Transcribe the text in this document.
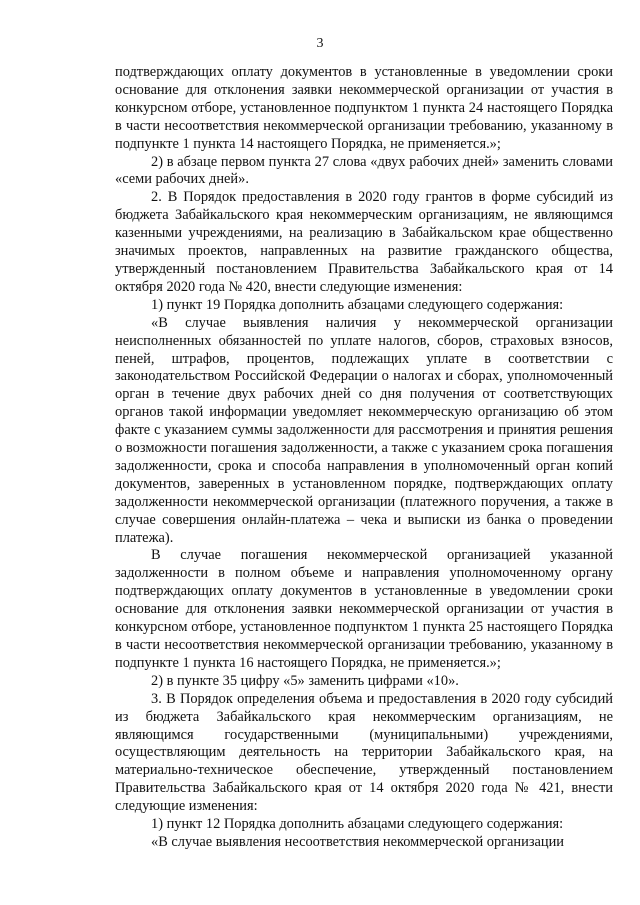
3

подтверждающих оплату документов в установленные в уведомлении сроки основание для отклонения заявки некоммерческой организации от участия в конкурсном отборе, установленное подпунктом 1 пункта 24 настоящего Порядка в части несоответствия некоммерческой организации требованию, указанному в подпункте 1 пункта 14 настоящего Порядка, не применяется.»;

2) в абзаце первом пункта 27 слова «двух рабочих дней» заменить словами «семи рабочих дней».

2. В Порядок предоставления в 2020 году грантов в форме субсидий из бюджета Забайкальского края некоммерческим организациям, не являющимся казенными учреждениями, на реализацию в Забайкальском крае общественно значимых проектов, направленных на развитие гражданского общества, утвержденный постановлением Правительства Забайкальского края от 14 октября 2020 года № 420, внести следующие изменения:

1) пункт 19 Порядка дополнить абзацами следующего содержания:

«В случае выявления наличия у некоммерческой организации неисполненных обязанностей по уплате налогов, сборов, страховых взносов, пеней, штрафов, процентов, подлежащих уплате в соответствии с законодательством Российской Федерации о налогах и сборах, уполномоченный орган в течение двух рабочих дней со дня получения от соответствующих органов такой информации уведомляет некоммерческую организацию об этом факте с указанием суммы задолженности для рассмотрения и принятия решения о возможности погашения задолженности, а также с указанием срока погашения задолженности, срока и способа направления в уполномоченный орган копий документов, заверенных в установленном порядке, подтверждающих оплату задолженности некоммерческой организации (платежного поручения, а также в случае совершения онлайн-платежа – чека и выписки из банка о проведении платежа).

В случае погашения некоммерческой организацией указанной задолженности в полном объеме и направления уполномоченному органу подтверждающих оплату документов в установленные в уведомлении сроки основание для отклонения заявки некоммерческой организации от участия в конкурсном отборе, установленное подпунктом 1 пункта 25 настоящего Порядка в части несоответствия некоммерческой организации требованию, указанному в подпункте 1 пункта 16 настоящего Порядка, не применяется.»;

2) в пункте 35 цифру «5» заменить цифрами «10».

3. В Порядок определения объема и предоставления в 2020 году субсидий из бюджета Забайкальского края некоммерческим организациям, не являющимся государственными (муниципальными) учреждениями, осуществляющим деятельность на территории Забайкальского края, на материально-техническое обеспечение, утвержденный постановлением Правительства Забайкальского края от 14 октября 2020 года № 421, внести следующие изменения:

1) пункт 12 Порядка дополнить абзацами следующего содержания:

«В случае выявления несоответствия некоммерческой организации
